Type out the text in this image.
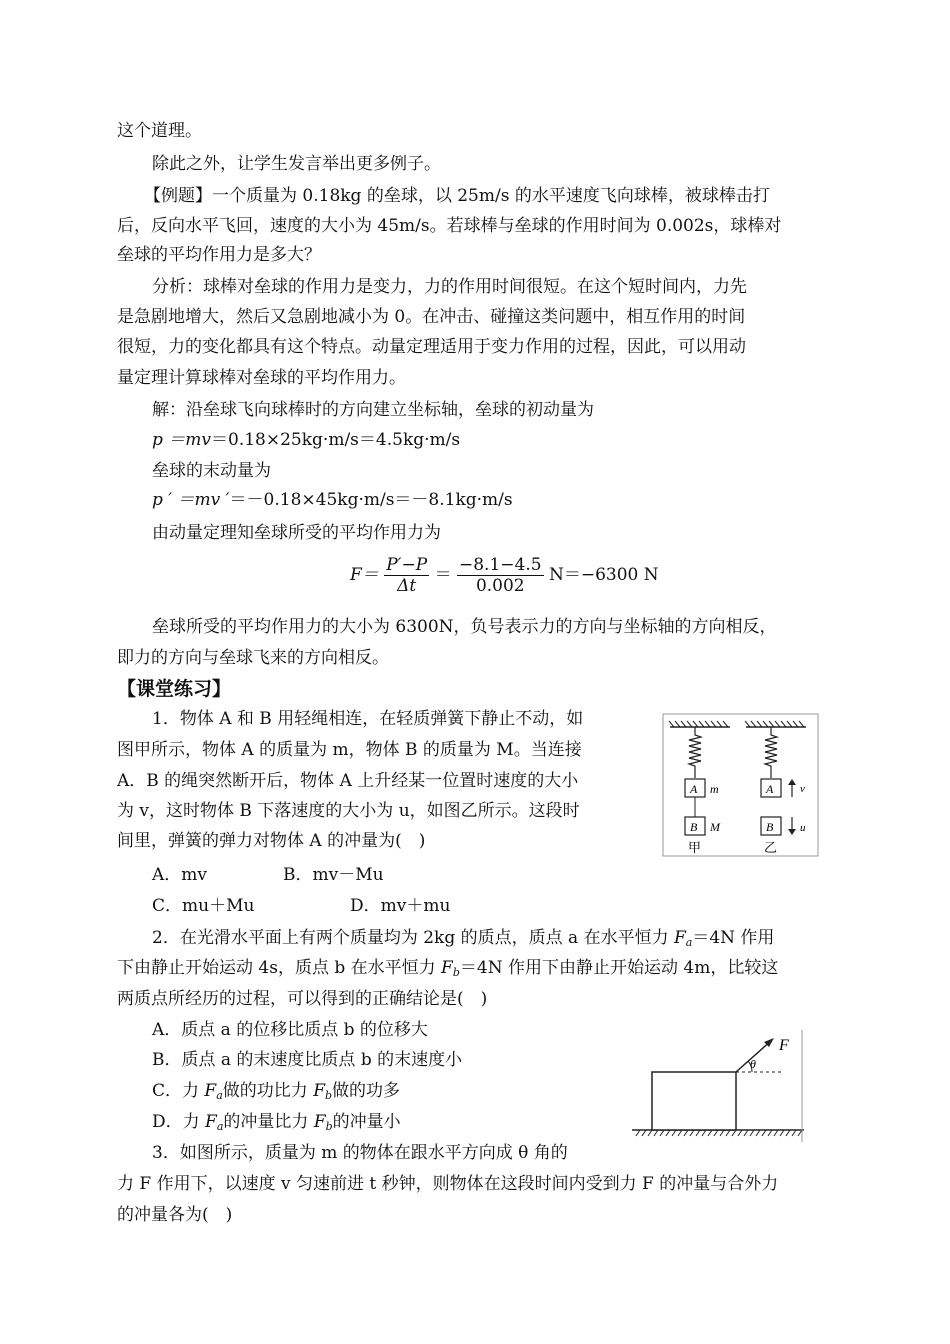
这个道理。
除此之外，让学生发言举出更多例子。
【例题】一个质量为 0.18kg 的垒球，以 25m/s 的水平速度飞向球棒，被球棒击打
后，反向水平飞回，速度的大小为 45m/s。若球棒与垒球的作用时间为 0.002s，球棒对
垒球的平均作用力是多大？
分析：球棒对垒球的作用力是变力，力的作用时间很短。在这个短时间内，力先
是急剧地增大，然后又急剧地减小为 0。在冲击、碰撞这类问题中，相互作用的时间
很短，力的变化都具有这个特点。动量定理适用于变力作用的过程，因此，可以用动
量定理计算球棒对垒球的平均作用力。
解：沿垒球飞向球棒时的方向建立坐标轴，垒球的初动量为
p ＝mv＝0.18×25kg·m/s＝4.5kg·m/s
垒球的末动量为
p ′ ＝mv ′＝－0.18×45kg·m/s＝－8.1kg·m/s
由动量定理知垒球所受的平均作用力为
$F= \frac{P'-P}{\Delta t} = \frac{-8.1-4.5}{0.002} N=-6300$ N
垒球所受的平均作用力的大小为 6300N，负号表示力的方向与坐标轴的方向相反，
即力的方向与垒球飞来的方向相反。
【课堂练习】
1．物体 A 和 B 用轻绳相连，在轻质弹簧下静止不动，如
图甲所示，物体 A 的质量为 m，物体 B 的质量为 M。当连接
A．B 的绳突然断开后，物体 A 上升经某一位置时速度的大小
为 v，这时物体 B 下落速度的大小为 u，如图乙所示。这段时
间里，弹簧的弹力对物体 A 的冲量为(　)
A．mv	B．mv－Mu
C．mu＋Mu	D．mv＋mu
A m
B M
A v
B u
甲	乙
2．在光滑水平面上有两个质量均为 2kg 的质点，质点 a 在水平恒力 $F_a=4N$ 作用
下由静止开始运动 4s，质点 b 在水平恒力 $F_b=4N$ 作用下由静止开始运动 4m，比较这
两质点所经历的过程，可以得到的正确结论是(　)
A．质点 a 的位移比质点 b 的位移大
B．质点 a 的末速度比质点 b 的末速度小
C．力 $F_a$做的功比力 $F_b$做的功多
D．力 $F_a$的冲量比力 $F_b$的冲量小
3．如图所示，质量为 m 的物体在跟水平方向成 θ 角的
力 F 作用下，以速度 v 匀速前进 t 秒钟，则物体在这段时间内受到力 F 的冲量与合外力
的冲量各为(　)
θ
F
